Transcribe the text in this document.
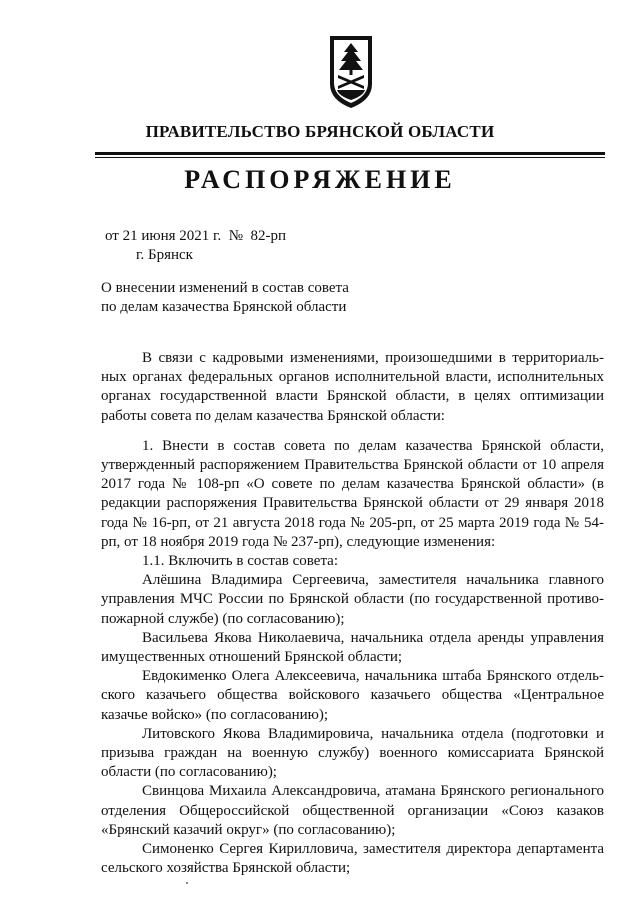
ПРАВИТЕЛЬСТВО БРЯНСКОЙ ОБЛАСТИ
РАСПОРЯЖЕНИЕ
от 21 июня 2021 г.  №  82-рп
г. Брянск
О внесении изменений в состав совета
по делам казачества Брянской области

В связи с кадровыми изменениями, произошедшими в территориальных органах федеральных органов исполнительной власти, исполнительных органах государственной власти Брянской области, в целях оптимизации работы совета по делам казачества Брянской области:

1. Внести в состав совета по делам казачества Брянской области, утвержденный распоряжением Правительства Брянской области от 10 апреля 2017 года № 108-рп «О совете по делам казачества Брянской области» (в редакции распоряжения Правительства Брянской области от 29 января 2018 года № 16-рп, от 21 августа 2018 года № 205-рп, от 25 марта 2019 года № 54-рп, от 18 ноября 2019 года № 237-рп), следующие изменения:

1.1. Включить в состав совета:

Алёшина Владимира Сергеевича, заместителя начальника главного управления МЧС России по Брянской области (по государственной противопожарной службе) (по согласованию);

Васильева Якова Николаевича, начальника отдела аренды управления имущественных отношений Брянской области;

Евдокименко Олега Алексеевича, начальника штаба Брянского отдельского казачьего общества войскового казачьего общества «Центральное казачье войско» (по согласованию);

Литовского Якова Владимировича, начальника отдела (подготовки и призыва граждан на военную службу) военного комиссариата Брянской области (по согласованию);

Свинцова Михаила Александровича, атамана Брянского регионального отделения Общероссийской общественной организации «Союз казаков «Брянский казачий округ» (по согласованию);

Симоненко Сергея Кирилловича, заместителя директора департамента сельского хозяйства Брянской области;
